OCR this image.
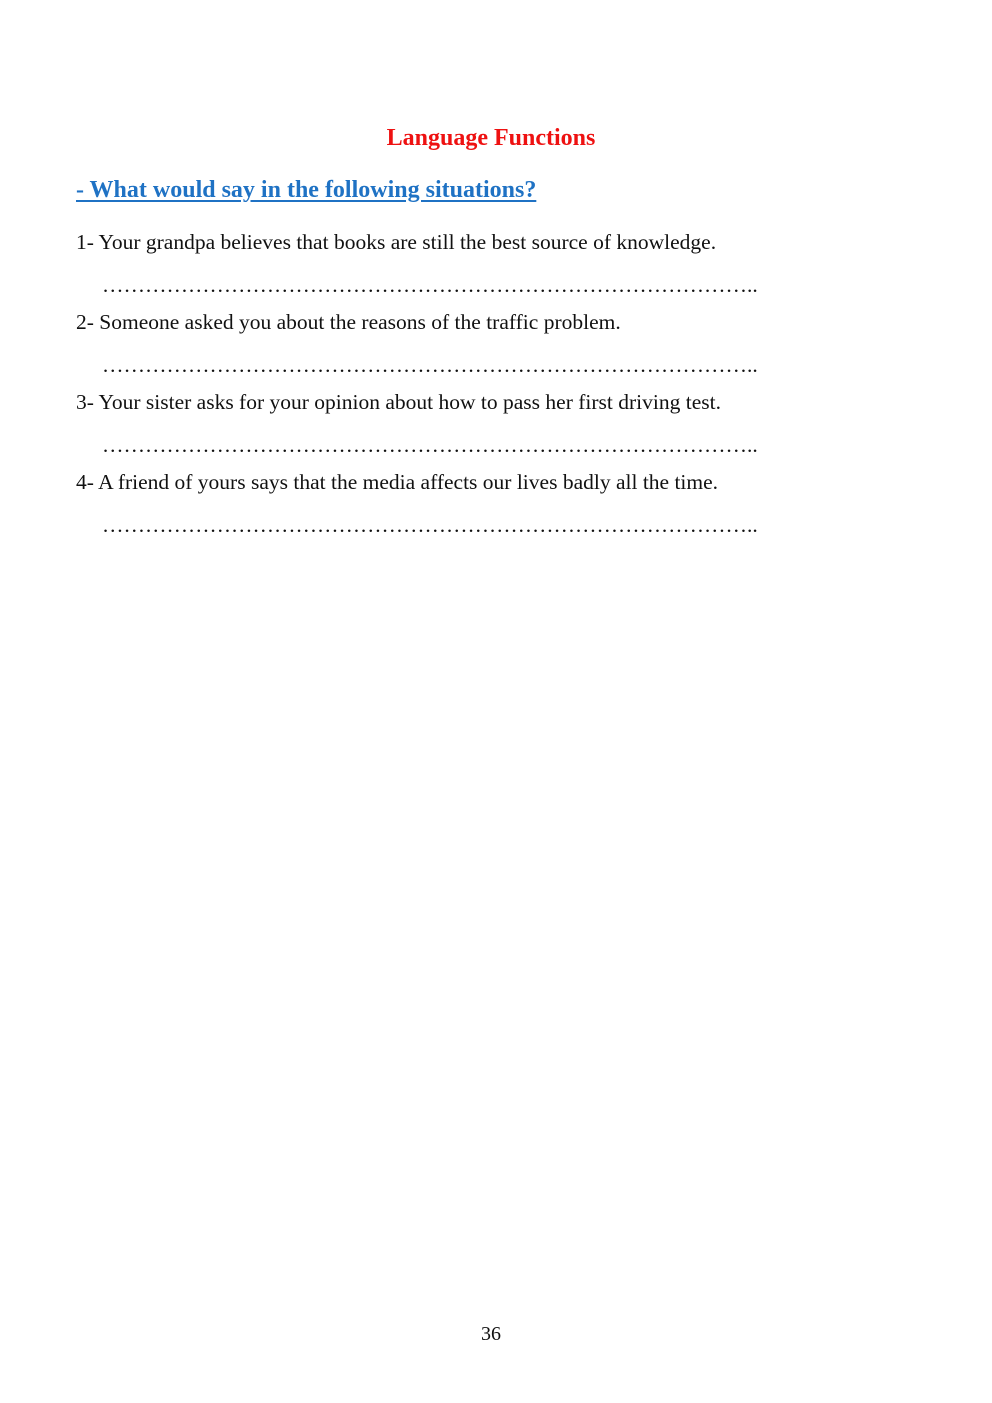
Language Functions
- What would say in the following situations?
1- Your grandpa believes that books are still the best source of knowledge.
………………………………………………………………………………..
2- Someone asked you about the reasons of the traffic problem.
………………………………………………………………………………..
3- Your sister asks for your opinion about how to pass her first driving test.
………………………………………………………………………………..
4- A friend of yours says that the media affects our lives badly all the time.
………………………………………………………………………………..
36
